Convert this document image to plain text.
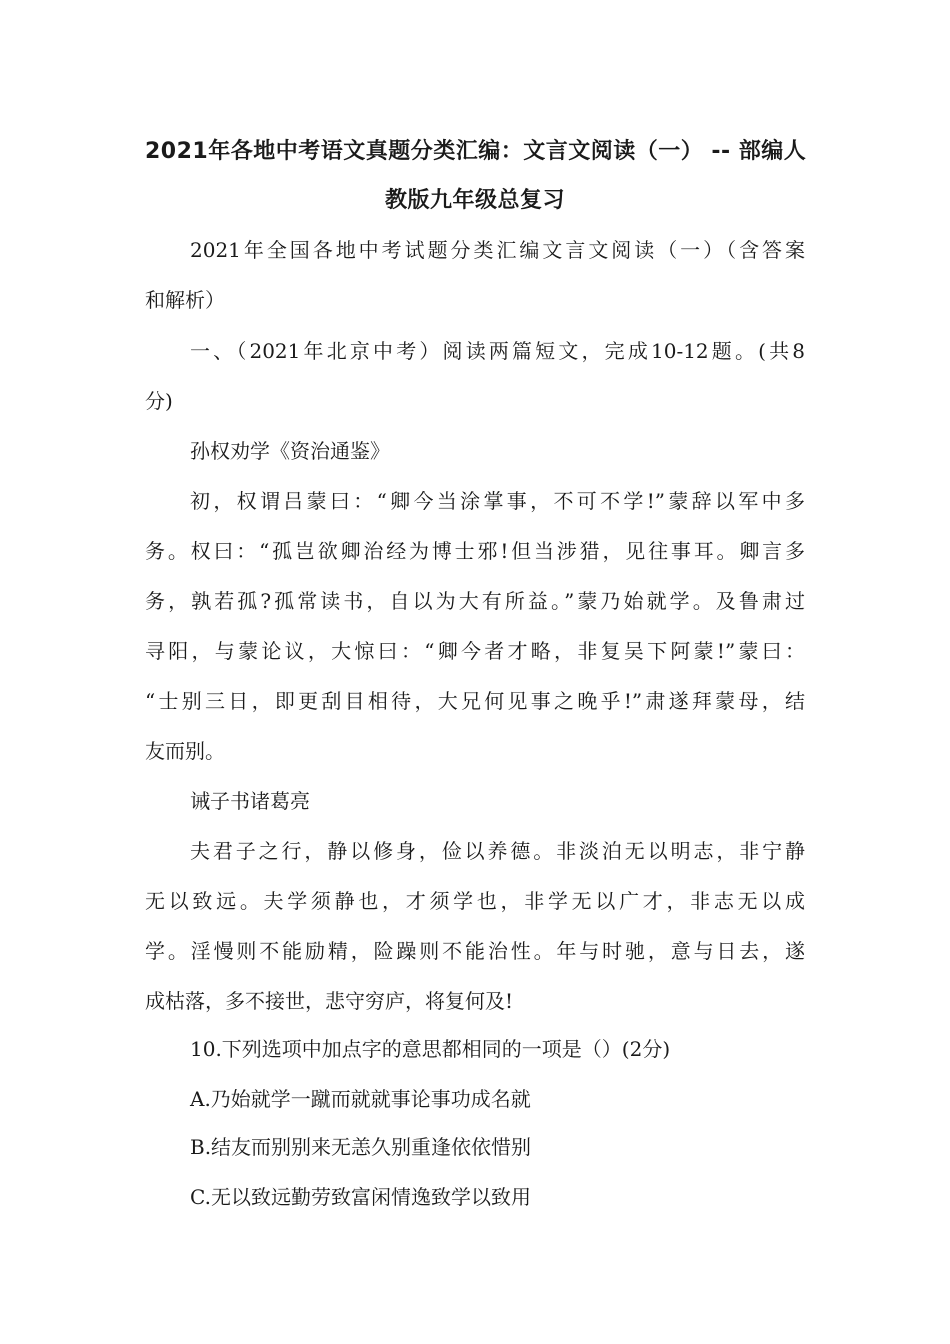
2021年各地中考语文真题分类汇编：文言文阅读（一） -- 部编人
教版九年级总复习
2021年全国各地中考试题分类汇编文言文阅读（一）（含答案
和解析）
一、（2021年北京中考）阅读两篇短文，完成10-12题。(共8
分)
孙权劝学《资治通鉴》
初，权谓吕蒙曰：“卿今当涂掌事，不可不学!”蒙辞以军中多
务。权曰：“孤岂欲卿治经为博士邪!但当涉猎，见往事耳。卿言多
务，孰若孤?孤常读书，自以为大有所益。”蒙乃始就学。及鲁肃过
寻阳，与蒙论议，大惊曰：“卿今者才略，非复吴下阿蒙!”蒙曰：
“士别三日，即更刮目相待，大兄何见事之晚乎!”肃遂拜蒙母，结
友而别。
诫子书诸葛亮
夫君子之行，静以修身，俭以养德。非淡泊无以明志，非宁静
无以致远。夫学须静也，才须学也，非学无以广才，非志无以成
学。淫慢则不能励精，险躁则不能治性。年与时驰，意与日去，遂
成枯落，多不接世，悲守穷庐，将复何及!
10.下列选项中加点字的意思都相同的一项是（）(2分)
A.乃始就学一蹴而就就事论事功成名就
B.结友而别别来无恙久别重逢依依惜别
C.无以致远勤劳致富闲情逸致学以致用
